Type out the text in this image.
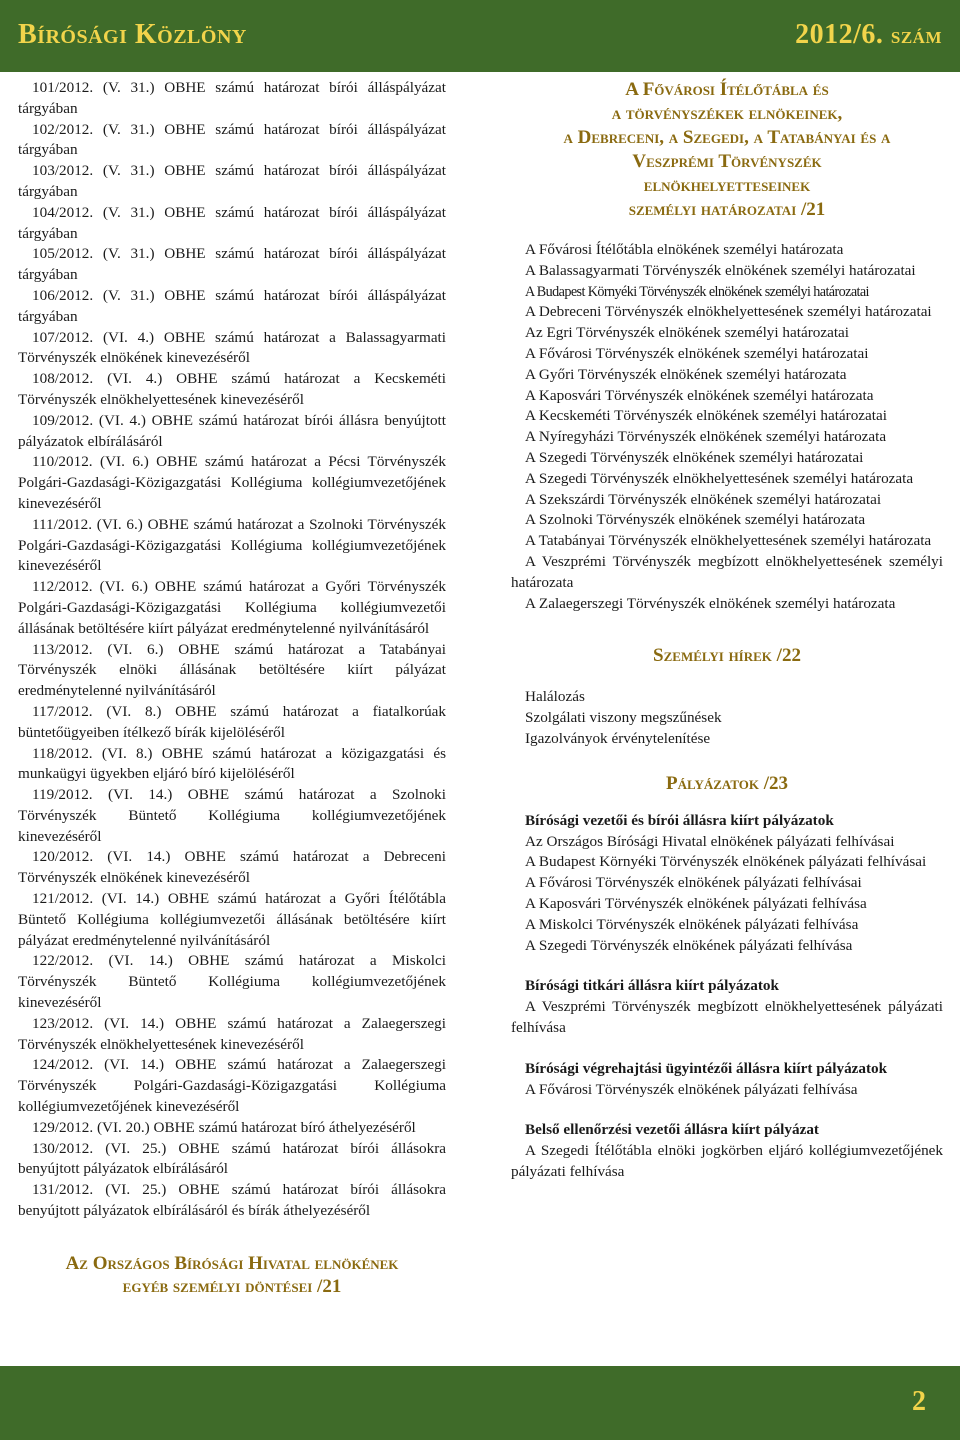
Bírósági Közlöny	2012/6. szám

101/2012. (V. 31.) OBHE számú határozat bírói álláspályázat tárgyában

102/2012. (V. 31.) OBHE számú határozat bírói álláspályázat tárgyában

103/2012. (V. 31.) OBHE számú határozat bírói álláspályázat tárgyában

104/2012. (V. 31.) OBHE számú határozat bírói álláspályázat tárgyában

105/2012. (V. 31.) OBHE számú határozat bírói álláspályázat tárgyában

106/2012. (V. 31.) OBHE számú határozat bírói álláspályázat tárgyában

107/2012. (VI. 4.) OBHE számú határozat a Balassagyarmati Törvényszék elnökének kinevezéséről

108/2012. (VI. 4.) OBHE számú határozat a Kecskeméti Törvényszék elnökhelyettesének kinevezéséről

109/2012. (VI. 4.) OBHE számú határozat bírói állásra benyújtott pályázatok elbírálásáról

110/2012. (VI. 6.) OBHE számú határozat a Pécsi Törvényszék Polgári-Gazdasági-Közigazgatási Kollégiuma kollégiumvezetőjének kinevezéséről

111/2012. (VI. 6.) OBHE számú határozat a Szolnoki Törvényszék Polgári-Gazdasági-Közigazgatási Kollégiuma kollégiumvezetőjének kinevezéséről

112/2012. (VI. 6.) OBHE számú határozat a Győri Törvényszék Polgári-Gazdasági-Közigazgatási Kollégiuma kollégiumvezetői állásának betöltésére kiírt pályázat eredménytelenné nyilvánításáról

113/2012. (VI. 6.) OBHE számú határozat a Tatabányai Törvényszék elnöki állásának betöltésére kiírt pályázat eredménytelenné nyilvánításáról

117/2012. (VI. 8.) OBHE számú határozat a fiatalkorúak büntetőügyeiben ítélkező bírák kijelöléséről

118/2012. (VI. 8.) OBHE számú határozat a közigazgatási és munkaügyi ügyekben eljáró bíró kijelöléséről

119/2012. (VI. 14.) OBHE számú határozat a Szolnoki Törvényszék Büntető Kollégiuma kollégiumvezetőjének kinevezéséről

120/2012. (VI. 14.) OBHE számú határozat a Debreceni Törvényszék elnökének kinevezéséről

121/2012. (VI. 14.) OBHE számú határozat a Győri Ítélőtábla Büntető Kollégiuma kollégiumvezetői állásának betöltésére kiírt pályázat eredménytelenné nyilvánításáról

122/2012. (VI. 14.) OBHE számú határozat a Miskolci Törvényszék Büntető Kollégiuma kollégiumvezetőjének kinevezéséről

123/2012. (VI. 14.) OBHE számú határozat a Zalaegerszegi Törvényszék elnökhelyettesének kinevezéséről

124/2012. (VI. 14.) OBHE számú határozat a Zalaegerszegi Törvényszék Polgári-Gazdasági-Közigazgatási Kollégiuma kollégiumvezetőjének kinevezéséről

129/2012. (VI. 20.) OBHE számú határozat bíró áthelyezéséről

130/2012. (VI. 25.) OBHE számú határozat bírói állásokra benyújtott pályázatok elbírálásáról

131/2012. (VI. 25.) OBHE számú határozat bírói állásokra benyújtott pályázatok elbírálásáról és bírák áthelyezéséről

Az Országos Bírósági Hivatal elnökének
egyéb személyi döntései /21
A Fővárosi Ítélőtábla és
a törvényszékek elnökeinek,
a Debreceni, a Szegedi, a Tatabányai és a
Veszprémi Törvényszék
elnökhelyetteseinek
személyi határozatai /21

A Fővárosi Ítélőtábla elnökének személyi határozata

A Balassagyarmati Törvényszék elnökének személyi határozatai

A Budapest Környéki Törvényszék elnökének személyi határozatai

A Debreceni Törvényszék elnökhelyettesének személyi határozatai

Az Egri Törvényszék elnökének személyi határozatai

A Fővárosi Törvényszék elnökének személyi határozatai

A Győri Törvényszék elnökének személyi határozata

A Kaposvári Törvényszék elnökének személyi határozata

A Kecskeméti Törvényszék elnökének személyi határozatai

A Nyíregyházi Törvényszék elnökének személyi határozata

A Szegedi Törvényszék elnökének személyi határozatai

A Szegedi Törvényszék elnökhelyettesének személyi határozata

A Szekszárdi Törvényszék elnökének személyi határozatai

A Szolnoki Törvényszék elnökének személyi határozata

A Tatabányai Törvényszék elnökhelyettesének személyi határozata

A Veszprémi Törvényszék megbízott elnökhelyettesének személyi határozata

A Zalaegerszegi Törvényszék elnökének személyi határozata

Személyi hírek /22

Halálozás

Szolgálati viszony megszűnések

Igazolványok érvénytelenítése

Pályázatok /23

Bírósági vezetői és bírói állásra kiírt pályázatok

Az Országos Bírósági Hivatal elnökének pályázati felhívásai

A Budapest Környéki Törvényszék elnökének pályázati felhívásai

A Fővárosi Törvényszék elnökének pályázati felhívásai

A Kaposvári Törvényszék elnökének pályázati felhívása

A Miskolci Törvényszék elnökének pályázati felhívása

A Szegedi Törvényszék elnökének pályázati felhívása

Bírósági titkári állásra kiírt pályázatok

A Veszprémi Törvényszék megbízott elnökhelyettesének pályázati felhívása

Bírósági végrehajtási ügyintézői állásra kiírt pályázatok

A Fővárosi Törvényszék elnökének pályázati felhívása

Belső ellenőrzési vezetői állásra kiírt pályázat

A Szegedi Ítélőtábla elnöki jogkörben eljáró kollégiumvezetőjének pályázati felhívása

2
